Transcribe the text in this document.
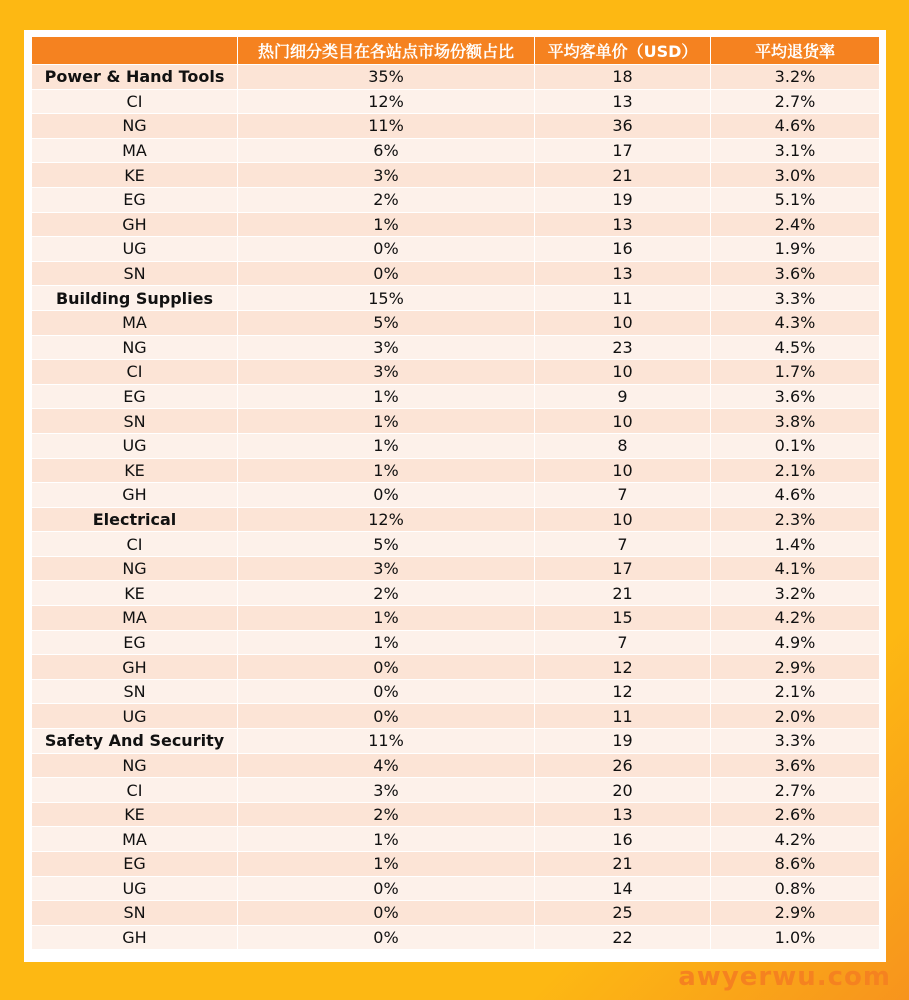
	热门细分类目在各站点市场份额占比	平均客单价（USD）	平均退货率
Power & Hand Tools	35%	18	3.2%
CI	12%	13	2.7%
NG	11%	36	4.6%
MA	6%	17	3.1%
KE	3%	21	3.0%
EG	2%	19	5.1%
GH	1%	13	2.4%
UG	0%	16	1.9%
SN	0%	13	3.6%
Building Supplies	15%	11	3.3%
MA	5%	10	4.3%
NG	3%	23	4.5%
CI	3%	10	1.7%
EG	1%	9	3.6%
SN	1%	10	3.8%
UG	1%	8	0.1%
KE	1%	10	2.1%
GH	0%	7	4.6%
Electrical	12%	10	2.3%
CI	5%	7	1.4%
NG	3%	17	4.1%
KE	2%	21	3.2%
MA	1%	15	4.2%
EG	1%	7	4.9%
GH	0%	12	2.9%
SN	0%	12	2.1%
UG	0%	11	2.0%
Safety And Security	11%	19	3.3%
NG	4%	26	3.6%
CI	3%	20	2.7%
KE	2%	13	2.6%
MA	1%	16	4.2%
EG	1%	21	8.6%
UG	0%	14	0.8%
SN	0%	25	2.9%
GH	0%	22	1.0%
awyerwu.com
